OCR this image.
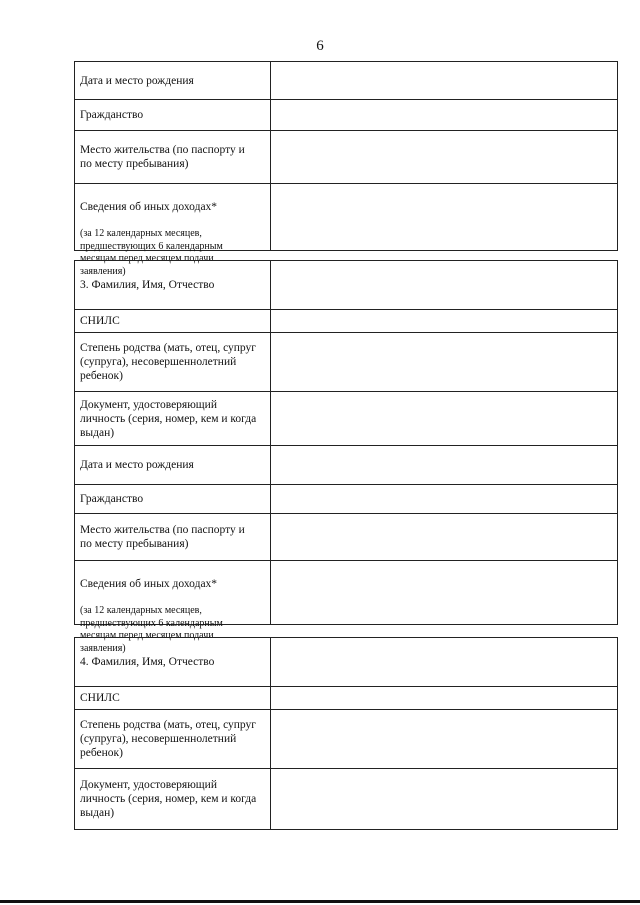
6
Дата и место рождения
Гражданство
Место жительства (по паспорту и
по месту пребывания)

Сведения об иных доходах*

(за 12 календарных месяцев,
предшествующих 6 календарным
месяцам перед месяцем подачи
заявления)

3. Фамилия, Имя, Отчество
СНИЛС
Степень родства (мать, отец, супруг
(супруга), несовершеннолетний
ребенок)
Документ, удостоверяющий
личность (серия, номер, кем и когда
выдан)
Дата и место рождения
Гражданство
Место жительства (по паспорту и
по месту пребывания)

Сведения об иных доходах*

(за 12 календарных месяцев,
предшествующих 6 календарным
месяцам перед месяцем подачи
заявления)

4. Фамилия, Имя, Отчество
СНИЛС
Степень родства (мать, отец, супруг
(супруга), несовершеннолетний
ребенок)
Документ, удостоверяющий
личность (серия, номер, кем и когда
выдан)
